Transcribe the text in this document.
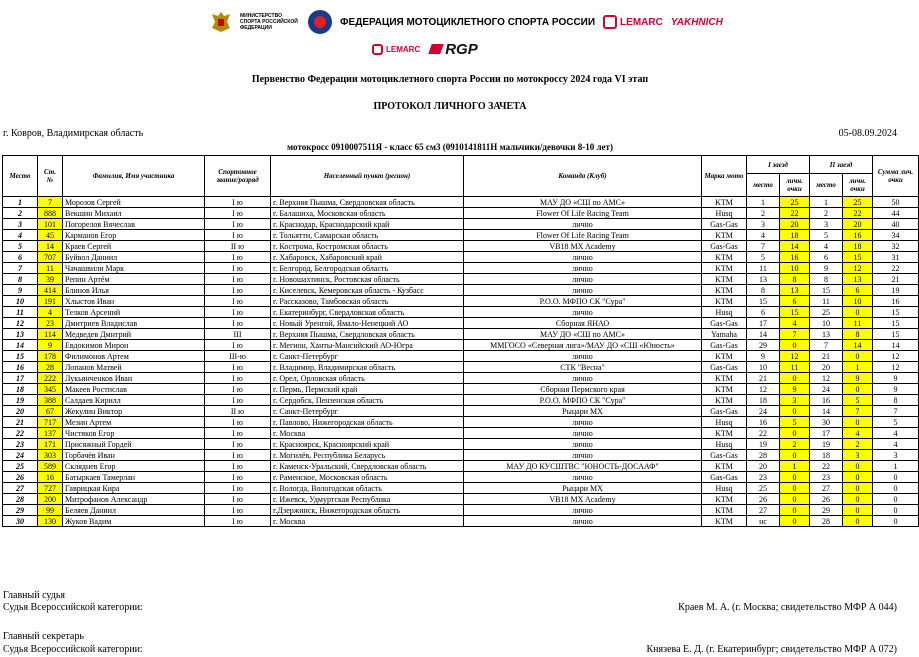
МИНИСТЕРСТВО СПОРТА РОССИЙСКОЙ ФЕДЕРАЦИИ
ФЕДЕРАЦИЯ МОТОЦИКЛЕТНОГО СПОРТА РОССИИ	LEMARC YAKHNICH
LEMARC RGP
Первенство Федерации мотоциклетного спорта России по мотокроссу 2024 года VI этап
ПРОТОКОЛ ЛИЧНОГО ЗАЧЕТА
г. Ковров, Владимирская область	05-08.09.2024
мотокросс 0910007511Я - класс 65 см3 (0910141811Н мальчики/девочки 8-10 лет)
Место	Ст. №	Фамилия, Имя участника	Спортивное звание/разряд	Населенный пункт (регион)	Команда (Клуб)	Марка мото	I заезд		II заезд		Сумма лич. очки
							место	личн. очки	место	личн. очки	
1	7	Морозов Сергей	I ю	г. Верхняя Пышма, Свердловская область	МАУ ДО «СШ по АМС»	KTM	1	25	1	25	50
2	888	Векшин Михаил	I ю	г. Балашиха, Московская область	Flower Of Life Racing Team	Husq	2	22	2	22	44
3	101	Погорелов Вячеслав	I ю	г. Краснодар, Краснодарский край	лично	Gas-Gas	3	20	3	20	40
4	45	Карманов Егор	I ю	г. Тольятти, Самарская область	Flower Of Life Racing Team	KTM	4	18	5	16	34
5	14	Краев Сергей	II ю	г. Кострома, Костромская область	VB18 MX Academy	Gas-Gas	7	14	4	18	32
6	707	Буйвол Даниил	I ю	г. Хабаровск, Хабаровский край	лично	KTM	5	16	6	15	31
7	11	Чачашвили Марк	I ю	г. Белгород, Белгородская область	лично	KTM	11	10	9	12	22
8	39	Репин Артём	I ю	г. Новошахтинск, Ростовская область	лично	KTM	13	8	8	13	21
9	414	Блинов Илья	I ю	г. Киселевск, Кемеровская область - Кузбасс	лично	KTM	8	13	15	6	19
10	191	Хлыстов Иван	I ю	г. Рассказово, Тамбовская область	Р.О.О. МФПО СК "Сура"	KTM	15	6	11	10	16
11	4	Телков Арсений	I ю	г. Екатеринбург, Свердловская область	лично	Husq	6	15	25	0	15
12	23	Дмитриев Владислав	I ю	г. Новый Уренгой, Ямало-Ненецкий АО	Сборная ЯНАО	Gas-Gas	17	4	10	11	15
13	114	Медведев Дмитрий	III	г. Верхняя Пышма, Свердловская область	МАУ ДО «СШ по АМС»	Yamaha	14	7	13	8	15
14	9	Евдокимов Мирон	I ю	г. Мегион, Ханты-Мансийский АО-Югра	ММГОСО «Северная лига»/МАУ ДО «СШ «Юность»	Gas-Gas	29	0	7	14	14
15	178	Филимонов Артем	III-ю	г. Санкт-Петербург	лично	KTM	9	12	21	0	12
16	28	Лопанов Матвей	I ю	г. Владимир, Владимирская область	СТК "Весна"	Gas-Gas	10	11	20	1	12
17	222	Лукьянченков Иван	I ю	г. Орел, Орловская область	лично	KTM	21	0	12	9	9
18	345	Макеев Ростислав	I ю	г. Пермь, Пермский край	Сборная Пермского края	KTM	12	9	24	0	9
19	388	Салдаев Кирилл	I ю	г. Сердобск, Пензенская область	Р.О.О. МФПО СК "Сура"	KTM	18	3	16	5	8
20	67	Жекулин Виктор	II ю	г. Санкт-Петербург	Рыцари МХ	Gas-Gas	24	0	14	7	7
21	717	Мезин Артем	I ю	г. Павлово, Нижегородская область	лично	Husq	16	5	30	0	5
22	137	Чистяков Егор	I ю	г. Москва	лично	KTM	22	0	17	4	4
23	171	Присяжный Гордей	I ю	г. Красноярск, Красноярский край	лично	Husq	19	2	19	2	4
24	303	Горбачёв Иван	I ю	г. Могилёв, Республика Беларусь	лично	Gas-Gas	28	0	18	3	3
25	589	Скляднев Егор	I ю	г. Каменск-Уральский, Свердловская область	МАУ ДО КУСШТВС "ЮНОСТЬ-ДОСААФ"	KTM	20	1	22	0	1
26	16	Батыркаев Тамерлан	I ю	г. Раменское, Московская область	лично	Gas-Gas	23	0	23	0	0
27	727	Гаврицкая Кира	I ю	г. Вологда, Вологодская область	Рыцари МХ	Husq	25	0	27	0	0
28	200	Митрофанов Александр	I ю	г. Ижевск, Удмуртская Республика	VB18 MX Academy	KTM	26	0	26	0	0
29	99	Беляев Даниил	I ю	г.Дзержинск, Нижегородская область	лично	KTM	27	0	29	0	0
30	130	Жуков Вадим	I ю	г. Москва	лично	KTM	нс	0	28	0	0
Главный судья
Судья Всероссийской категории:	Краев М. А. (г. Москва; свидетельство МФР А 044)
Главный секретарь
Судья Всероссийской категории:	Князева Е. Д. (г. Екатеринбург; свидетельство МФР А 072)
